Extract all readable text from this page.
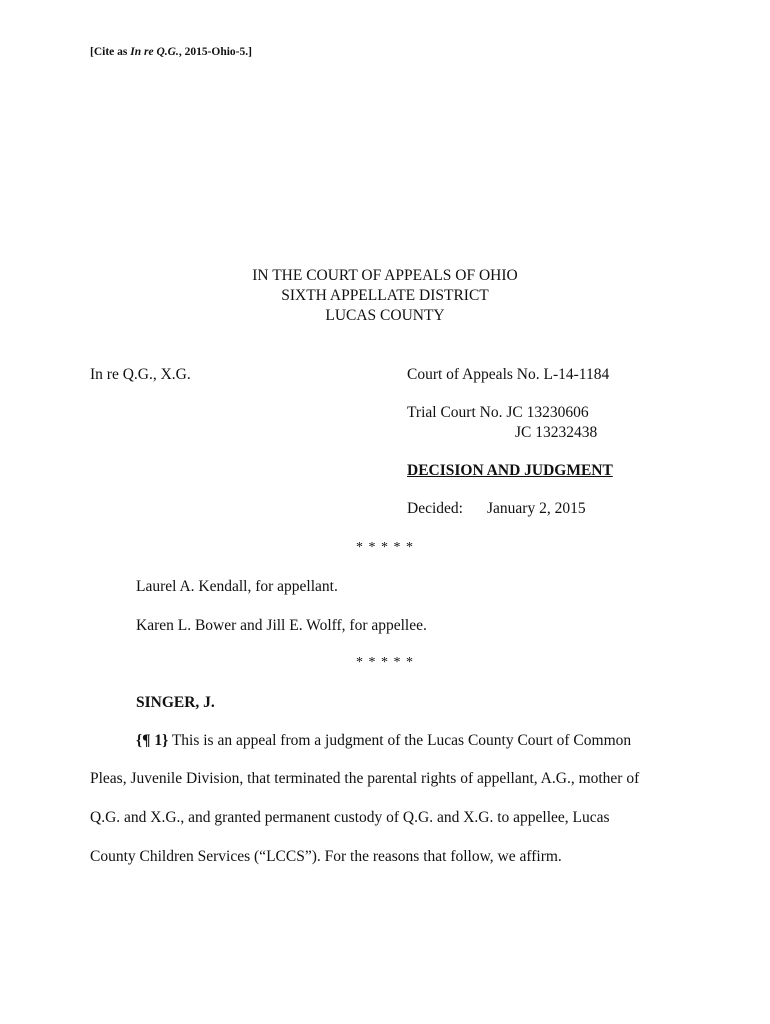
[Cite as In re Q.G., 2015-Ohio-5.]
IN THE COURT OF APPEALS OF OHIO
SIXTH APPELLATE DISTRICT
LUCAS COUNTY
In re Q.G., X.G.	Court of Appeals No. L-14-1184
Trial Court No. JC 13230606
JC 13232438
DECISION AND JUDGMENT
Decided: January 2, 2015
* * * * *
Laurel A. Kendall, for appellant.
Karen L. Bower and Jill E. Wolff, for appellee.
* * * * *
SINGER, J.
{¶ 1} This is an appeal from a judgment of the Lucas County Court of Common
Pleas, Juvenile Division, that terminated the parental rights of appellant, A.G., mother of
Q.G. and X.G., and granted permanent custody of Q.G. and X.G. to appellee, Lucas
County Children Services (“LCCS”). For the reasons that follow, we affirm.
